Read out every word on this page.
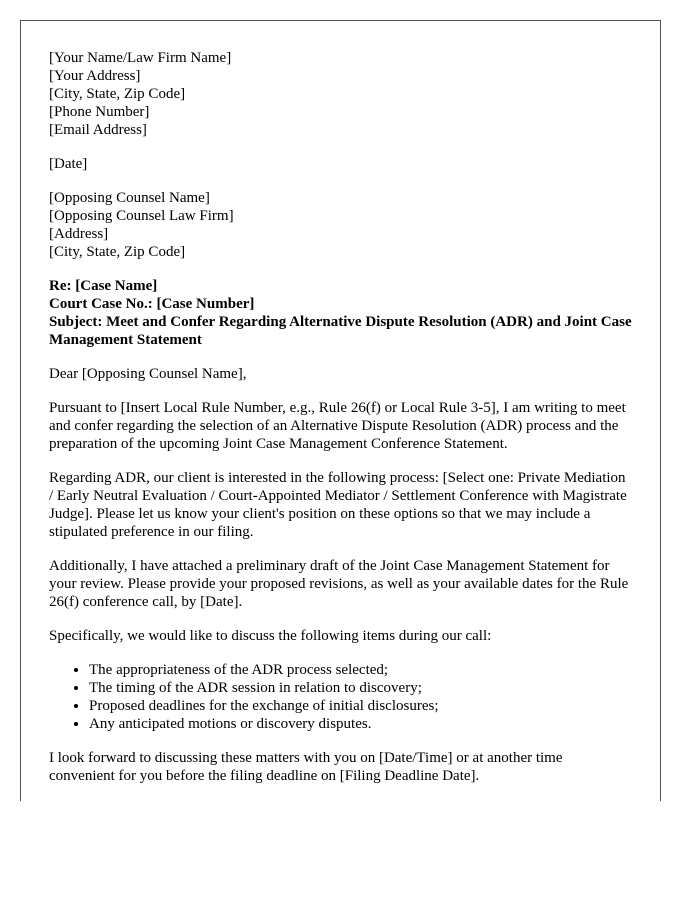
[Your Name/Law Firm Name]
[Your Address]
[City, State, Zip Code]
[Phone Number]
[Email Address]

[Date]

[Opposing Counsel Name]
[Opposing Counsel Law Firm]
[Address]
[City, State, Zip Code]

Re: [Case Name]
Court Case No.: [Case Number]
Subject: Meet and Confer Regarding Alternative Dispute Resolution (ADR) and Joint Case Management Statement

Dear [Opposing Counsel Name],

Pursuant to [Insert Local Rule Number, e.g., Rule 26(f) or Local Rule 3-5], I am writing to meet and confer regarding the selection of an Alternative Dispute Resolution (ADR) process and the preparation of the upcoming Joint Case Management Conference Statement.

Regarding ADR, our client is interested in the following process: [Select one: Private Mediation / Early Neutral Evaluation / Court-Appointed Mediator / Settlement Conference with Magistrate Judge]. Please let us know your client's position on these options so that we may include a stipulated preference in our filing.

Additionally, I have attached a preliminary draft of the Joint Case Management Statement for your review. Please provide your proposed revisions, as well as your available dates for the Rule 26(f) conference call, by [Date].

Specifically, we would like to discuss the following items during our call:

• The appropriateness of the ADR process selected;
• The timing of the ADR session in relation to discovery;
• Proposed deadlines for the exchange of initial disclosures;
• Any anticipated motions or discovery disputes.

I look forward to discussing these matters with you on [Date/Time] or at another time convenient for you before the filing deadline on [Filing Deadline Date].
